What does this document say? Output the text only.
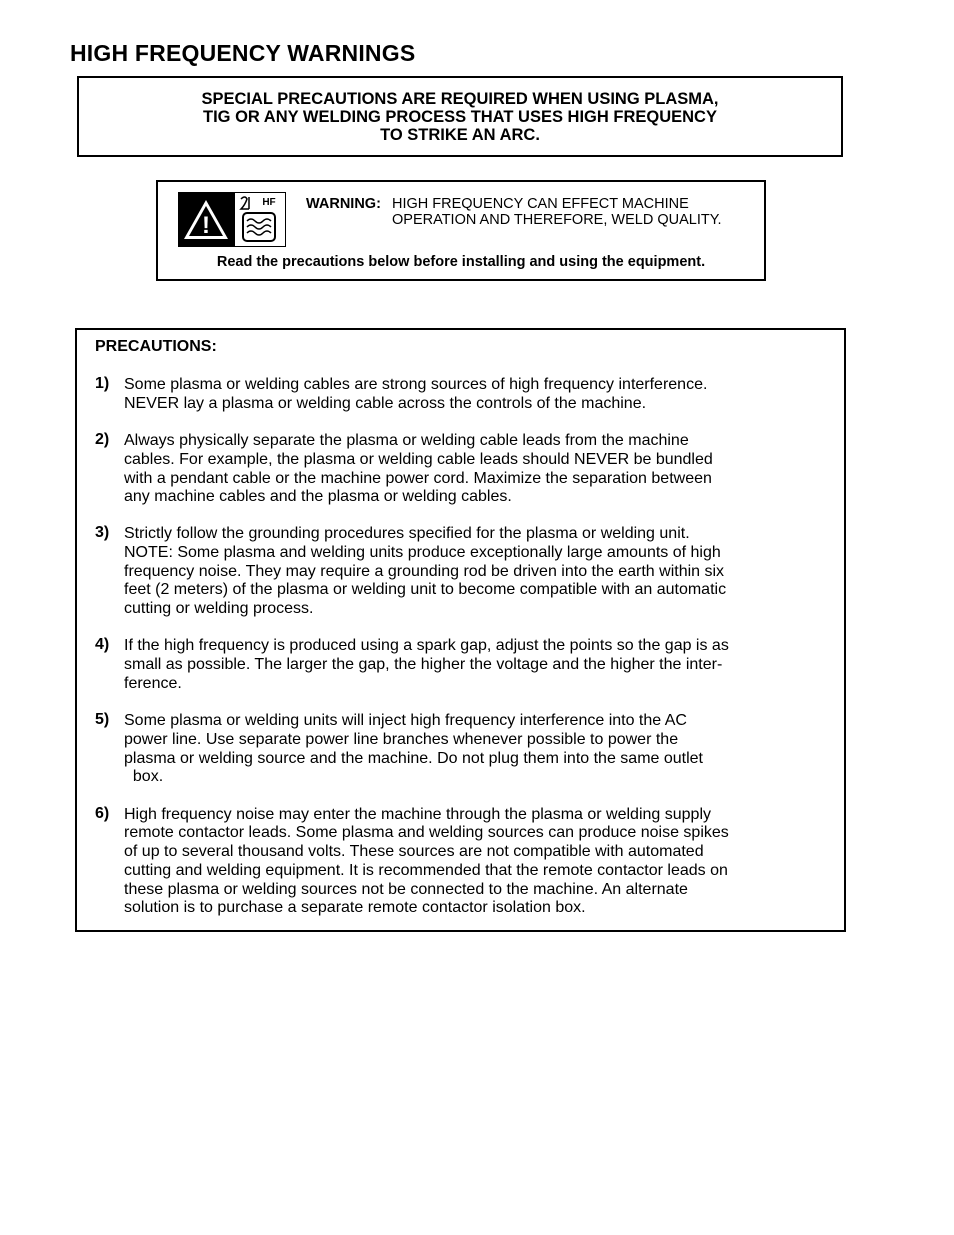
HIGH FREQUENCY WARNINGS
SPECIAL PRECAUTIONS ARE REQUIRED WHEN USING PLASMA,
TIG OR ANY WELDING PROCESS THAT USES HIGH FREQUENCY
TO STRIKE AN ARC.
!
HF WARNING: HIGH FREQUENCY CAN EFFECT MACHINE
OPERATION AND THEREFORE, WELD QUALITY.
Read the precautions below before installing and using the equipment.
PRECAUTIONS:
1) Some plasma or welding cables are strong sources of high frequency interference.
NEVER lay a plasma or welding cable across the controls of the machine.
2) Always physically separate the plasma or welding cable leads from the machine
cables. For example, the plasma or welding cable leads should NEVER be bundled
with a pendant cable or the machine power cord. Maximize the separation between
any machine cables and the plasma or welding cables.
3) Strictly follow the grounding procedures specified for the plasma or welding unit.
NOTE: Some plasma and welding units produce exceptionally large amounts of high
frequency noise. They may require a grounding rod be driven into the earth within six
feet (2 meters) of the plasma or welding unit to become compatible with an automatic
cutting or welding process.
4) If the high frequency is produced using a spark gap, adjust the points so the gap is as
small as possible. The larger the gap, the higher the voltage and the higher the inter-
ference.
5) Some plasma or welding units will inject high frequency interference into the AC
power line. Use separate power line branches whenever possible to power the
plasma or welding source and the machine. Do not plug them into the same outlet
box.
6) High frequency noise may enter the machine through the plasma or welding supply
remote contactor leads. Some plasma and welding sources can produce noise spikes
of up to several thousand volts. These sources are not compatible with automated
cutting and welding equipment. It is recommended that the remote contactor leads on
these plasma or welding sources not be connected to the machine. An alternate
solution is to purchase a separate remote contactor isolation box.
